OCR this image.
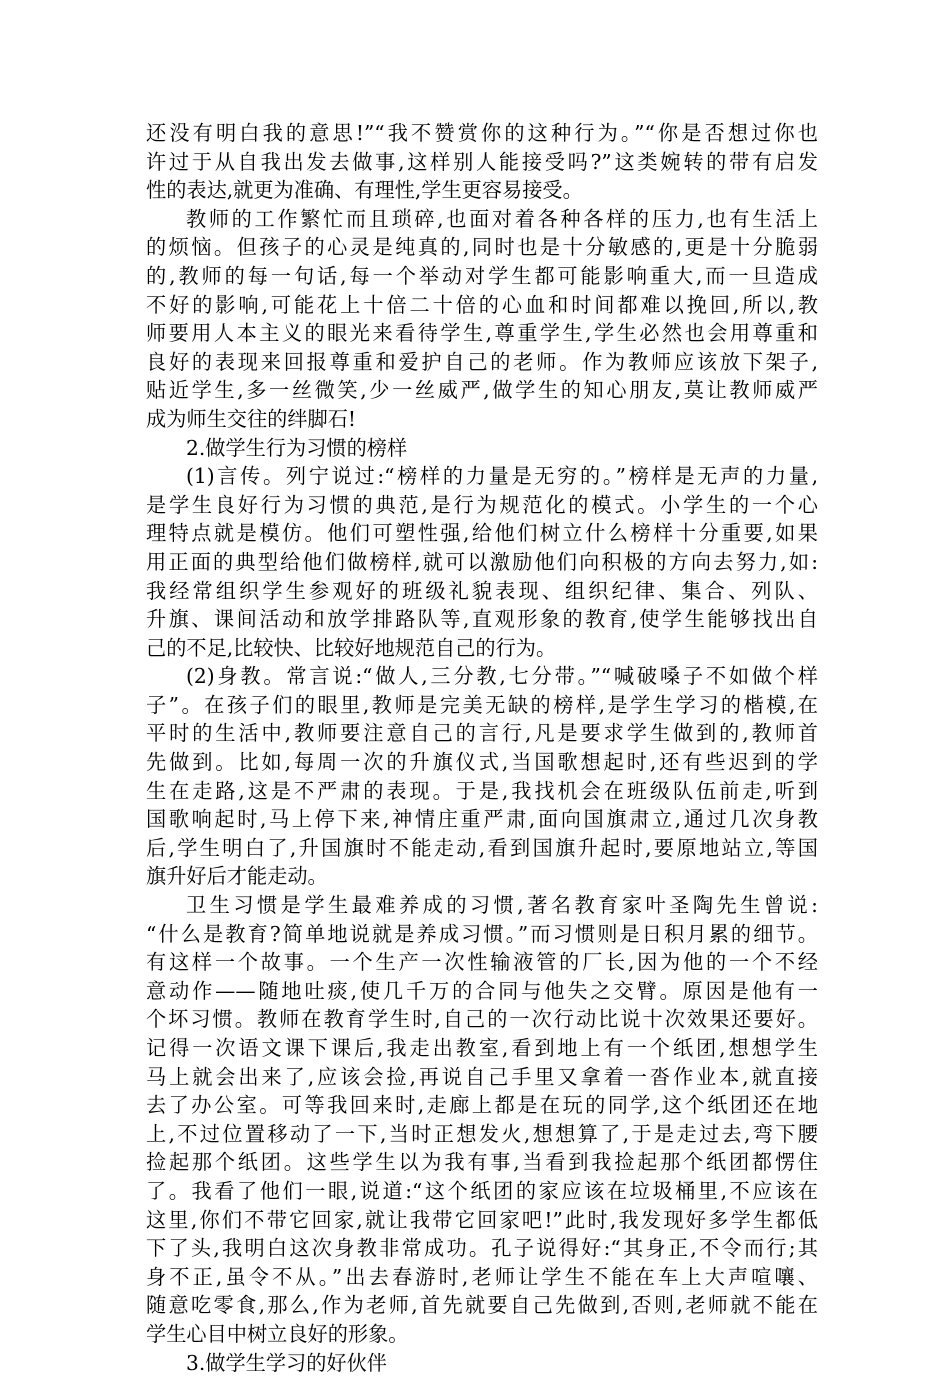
还没有明白我的意思!”“我不赞赏你的这种行为。”“你是否想过你也
许过于从自我出发去做事,这样别人能接受吗?”这类婉转的带有启发
性的表达,就更为准确、有理性,学生更容易接受。
教师的工作繁忙而且琐碎,也面对着各种各样的压力,也有生活上
的烦恼。但孩子的心灵是纯真的,同时也是十分敏感的,更是十分脆弱
的,教师的每一句话,每一个举动对学生都可能影响重大,而一旦造成
不好的影响,可能花上十倍二十倍的心血和时间都难以挽回,所以,教
师要用人本主义的眼光来看待学生,尊重学生,学生必然也会用尊重和
良好的表现来回报尊重和爱护自己的老师。作为教师应该放下架子,
贴近学生,多一丝微笑,少一丝威严,做学生的知心朋友,莫让教师威严
成为师生交往的绊脚石!
2.做学生行为习惯的榜样
(1)言传。列宁说过:“榜样的力量是无穷的。”榜样是无声的力量,
是学生良好行为习惯的典范,是行为规范化的模式。小学生的一个心
理特点就是模仿。他们可塑性强,给他们树立什么榜样十分重要,如果
用正面的典型给他们做榜样,就可以激励他们向积极的方向去努力,如:
我经常组织学生参观好的班级礼貌表现、组织纪律、集合、列队、
升旗、课间活动和放学排路队等,直观形象的教育,使学生能够找出自
己的不足,比较快、比较好地规范自己的行为。
(2)身教。常言说:“做人,三分教,七分带。”“喊破嗓子不如做个样
子”。在孩子们的眼里,教师是完美无缺的榜样,是学生学习的楷模,在
平时的生活中,教师要注意自己的言行,凡是要求学生做到的,教师首
先做到。比如,每周一次的升旗仪式,当国歌想起时,还有些迟到的学
生在走路,这是不严肃的表现。于是,我找机会在班级队伍前走,听到
国歌响起时,马上停下来,神情庄重严肃,面向国旗肃立,通过几次身教
后,学生明白了,升国旗时不能走动,看到国旗升起时,要原地站立,等国
旗升好后才能走动。
卫生习惯是学生最难养成的习惯,著名教育家叶圣陶先生曾说:
“什么是教育?简单地说就是养成习惯。”而习惯则是日积月累的细节。
有这样一个故事。一个生产一次性输液管的厂长,因为他的一个不经
意动作——随地吐痰,使几千万的合同与他失之交臂。原因是他有一
个坏习惯。教师在教育学生时,自己的一次行动比说十次效果还要好。
记得一次语文课下课后,我走出教室,看到地上有一个纸团,想想学生
马上就会出来了,应该会捡,再说自己手里又拿着一沓作业本,就直接
去了办公室。可等我回来时,走廊上都是在玩的同学,这个纸团还在地
上,不过位置移动了一下,当时正想发火,想想算了,于是走过去,弯下腰
捡起那个纸团。这些学生以为我有事,当看到我捡起那个纸团都愣住
了。我看了他们一眼,说道:“这个纸团的家应该在垃圾桶里,不应该在
这里,你们不带它回家,就让我带它回家吧!”此时,我发现好多学生都低
下了头,我明白这次身教非常成功。孔子说得好:“其身正,不令而行;其
身不正,虽令不从。”出去春游时,老师让学生不能在车上大声喧嚷、
随意吃零食,那么,作为老师,首先就要自己先做到,否则,老师就不能在
学生心目中树立良好的形象。
3.做学生学习的好伙伴
